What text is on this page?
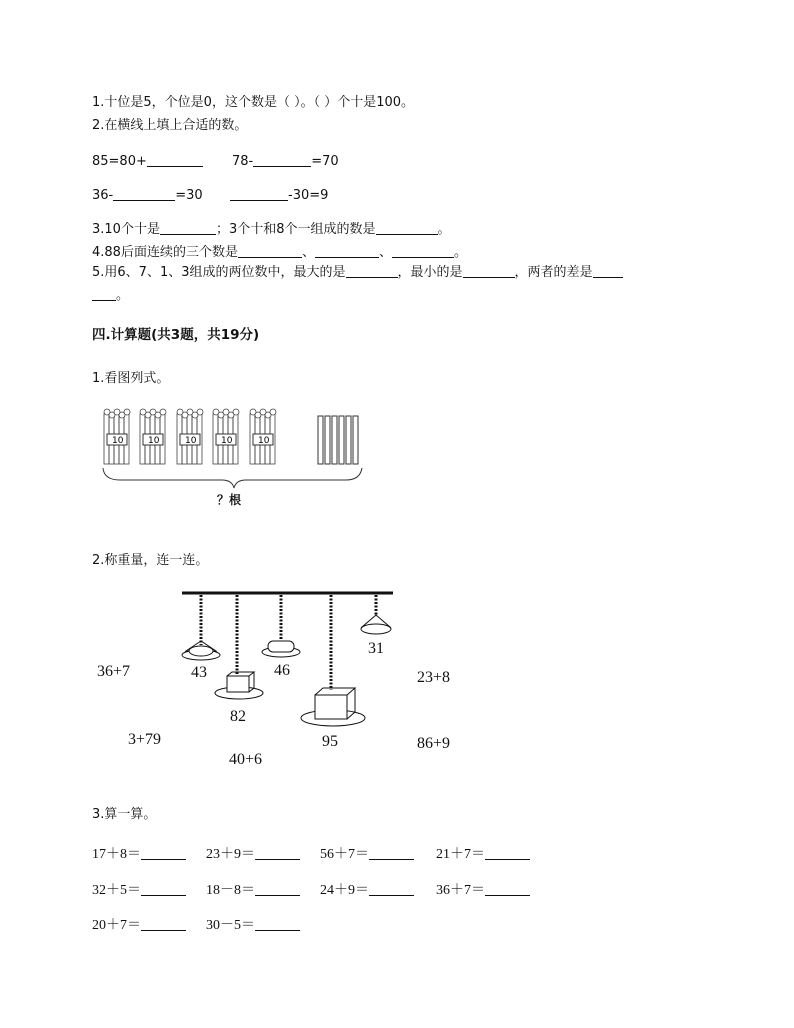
1.十位是5，个位是0，这个数是（ ）。（ ）个十是100。
2.在横线上填上合适的数。
85=80+	78-	=70
36-	=30	-30=9
3.10个十是	；3个十和8个一组成的数是	。
4.88后面连续的三个数是	、	、	。
5.用6、7、1、3组成的两位数中，最大的是	，最小的是	，两者的差是
。
四.计算题(共3题，共19分)
1.看图列式。
10	10	10	10	10
？根
2.称重量，连一连。
43	46
31
82
95
36+7	23+8
3+79
40+6
86+9
3.算一算。
17＋8＝	23＋9＝	56＋7＝	21＋7＝
32＋5＝	18－8＝	24＋9＝	36＋7＝
20＋7＝	30－5＝
